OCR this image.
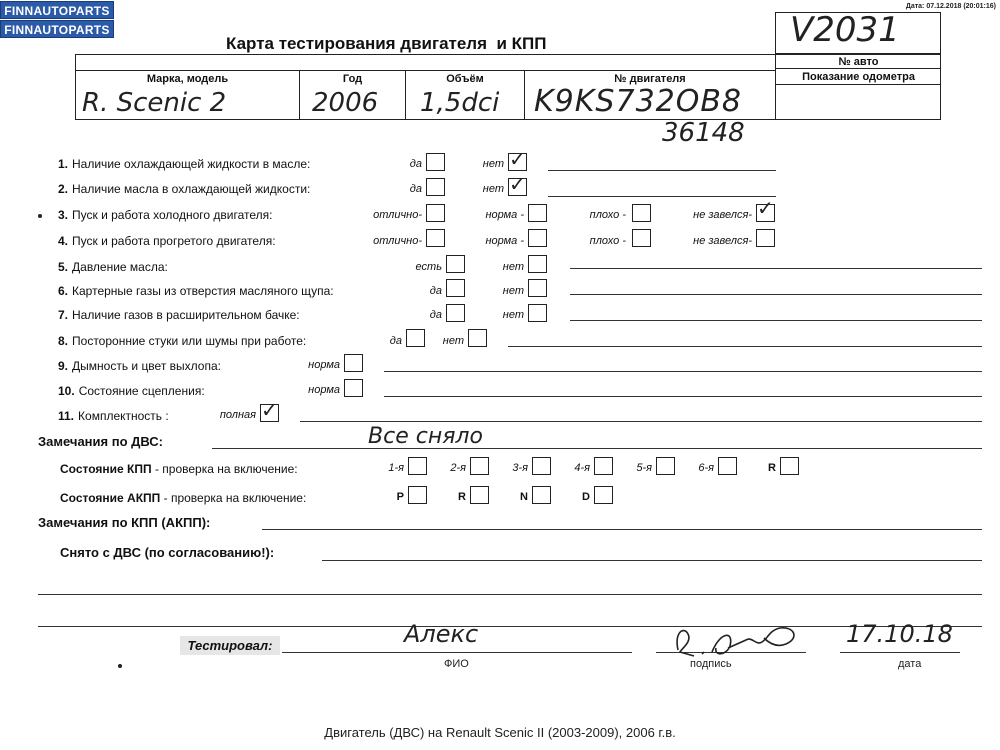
FINNAUTOPARTS
FINNAUTOPARTS
Дата: 07.12.2018 (20:01:16)
Карта тестирования двигателя  и КПП	V2031
Марка, модель	Год	Объём	№ двигателя
№ авто
Показание одометра
R. Scenic 2	2006 1,5dci K9KS732OB8
36148
1. Наличие охлаждающей жидкости в масле:	да	нет ✓
2. Наличие масла в охлаждающей жидкости:	да	нет ✓
3. Пуск и работа холодного двигателя:	отлично-	норма -	плохо -	не завелся- ✓
4. Пуск и работа прогретого двигателя:	отлично-	норма -	плохо -	не завелся-
5. Давление масла:	есть	нет
6. Картерные газы из отверстия масляного щупа:	да	нет
7. Наличие газов в расширительном бачке:	да	нет
8. Посторонние стуки или шумы при работе:	да	нет
9. Дымность и цвет выхлопа:	норма
10. Состояние сцепления:	норма
11. Комплектность :	полная ✓
Замечания по ДВС:	Все сняло
Состояние КПП - проверка на включение:	1-я	2-я	3-я	4-я	5-я	6-я	R
Состояние АКПП - проверка на включение:	P	R	N	D
Замечания по КПП (АКПП):
Снято с ДВС (по согласованию!):
Тестировал:	Алекс
ФИО	подпись
17.10.18
дата
Двигатель (ДВС) на Renault Scenic II (2003-2009), 2006 г.в.
